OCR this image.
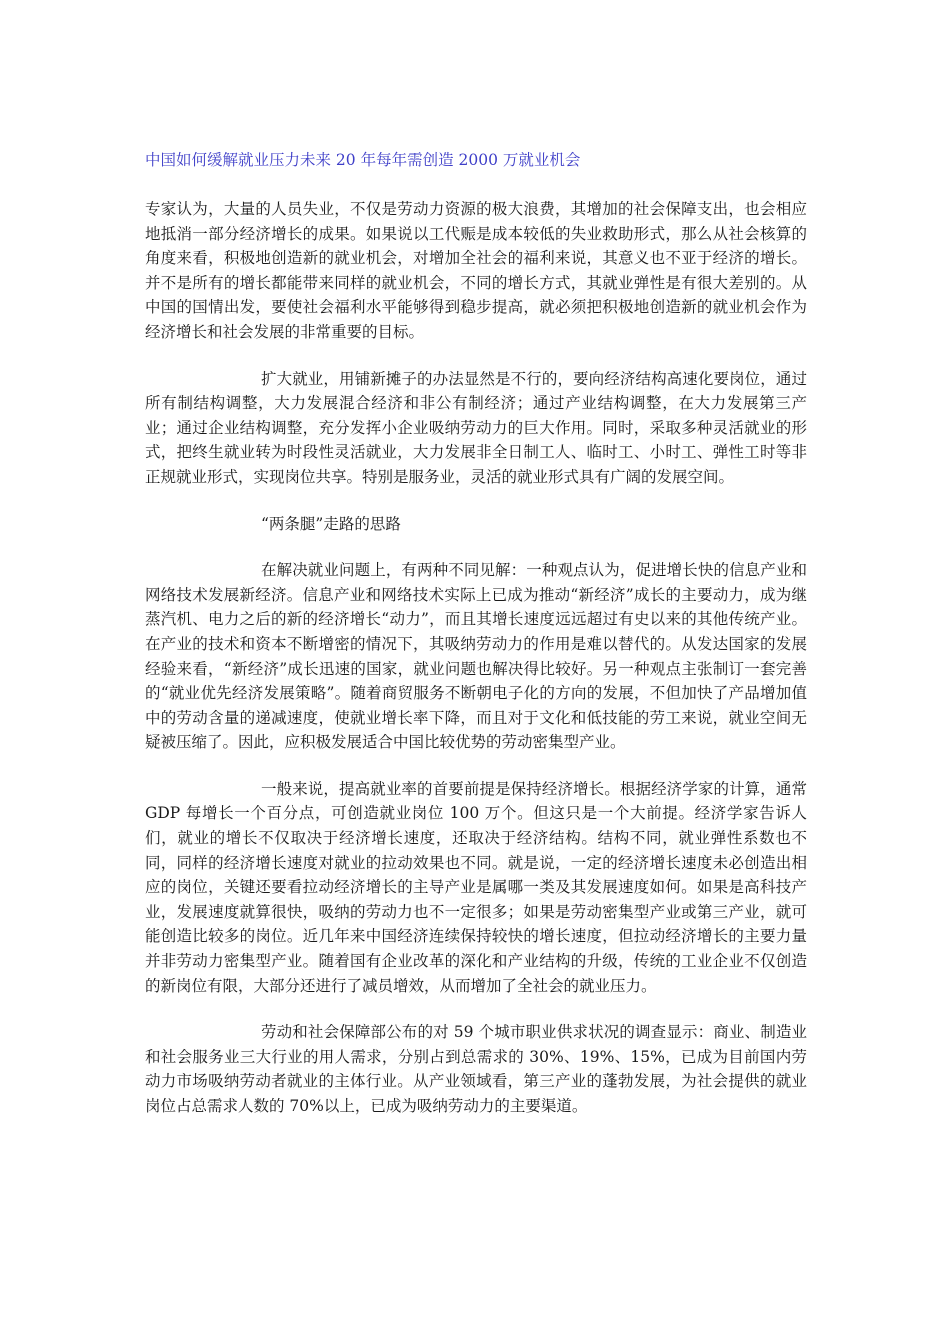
中国如何缓解就业压力未来 20 年每年需创造 2000 万就业机会

专家认为，大量的人员失业，不仅是劳动力资源的极大浪费，其增加的社会保障支出，也会相应地抵消一部分经济增长的成果。如果说以工代赈是成本较低的失业救助形式，那么从社会核算的角度来看，积极地创造新的就业机会，对增加全社会的福利来说，其意义也不亚于经济的增长。并不是所有的增长都能带来同样的就业机会，不同的增长方式，其就业弹性是有很大差别的。从中国的国情出发，要使社会福利水平能够得到稳步提高，就必须把积极地创造新的就业机会作为经济增长和社会发展的非常重要的目标。

扩大就业，用铺新摊子的办法显然是不行的，要向经济结构高速化要岗位，通过所有制结构调整，大力发展混合经济和非公有制经济；通过产业结构调整，在大力发展第三产业；通过企业结构调整，充分发挥小企业吸纳劳动力的巨大作用。同时，采取多种灵活就业的形式，把终生就业转为时段性灵活就业，大力发展非全日制工人、临时工、小时工、弹性工时等非正规就业形式，实现岗位共享。特别是服务业，灵活的就业形式具有广阔的发展空间。

“两条腿”走路的思路

在解决就业问题上，有两种不同见解：一种观点认为，促进增长快的信息产业和网络技术发展新经济。信息产业和网络技术实际上已成为推动“新经济”成长的主要动力，成为继蒸汽机、电力之后的新的经济增长“动力”，而且其增长速度远远超过有史以来的其他传统产业。在产业的技术和资本不断增密的情况下，其吸纳劳动力的作用是难以替代的。从发达国家的发展经验来看，“新经济”成长迅速的国家，就业问题也解决得比较好。另一种观点主张制订一套完善的“就业优先经济发展策略”。随着商贸服务不断朝电子化的方向的发展，不但加快了产品增加值中的劳动含量的递减速度，使就业增长率下降，而且对于文化和低技能的劳工来说，就业空间无疑被压缩了。因此，应积极发展适合中国比较优势的劳动密集型产业。

一般来说，提高就业率的首要前提是保持经济增长。根据经济学家的计算，通常 GDP 每增长一个百分点，可创造就业岗位 100 万个。但这只是一个大前提。经济学家告诉人们，就业的增长不仅取决于经济增长速度，还取决于经济结构。结构不同，就业弹性系数也不同，同样的经济增长速度对就业的拉动效果也不同。就是说，一定的经济增长速度未必创造出相应的岗位，关键还要看拉动经济增长的主导产业是属哪一类及其发展速度如何。如果是高科技产业，发展速度就算很快，吸纳的劳动力也不一定很多；如果是劳动密集型产业或第三产业，就可能创造比较多的岗位。近几年来中国经济连续保持较快的增长速度，但拉动经济增长的主要力量并非劳动力密集型产业。随着国有企业改革的深化和产业结构的升级，传统的工业企业不仅创造的新岗位有限，大部分还进行了减员增效，从而增加了全社会的就业压力。

劳动和社会保障部公布的对 59 个城市职业供求状况的调查显示：商业、制造业和社会服务业三大行业的用人需求，分别占到总需求的 30%、19%、15%，已成为目前国内劳动力市场吸纳劳动者就业的主体行业。从产业领域看，第三产业的蓬勃发展，为社会提供的就业岗位占总需求人数的 70%以上，已成为吸纳劳动力的主要渠道。
